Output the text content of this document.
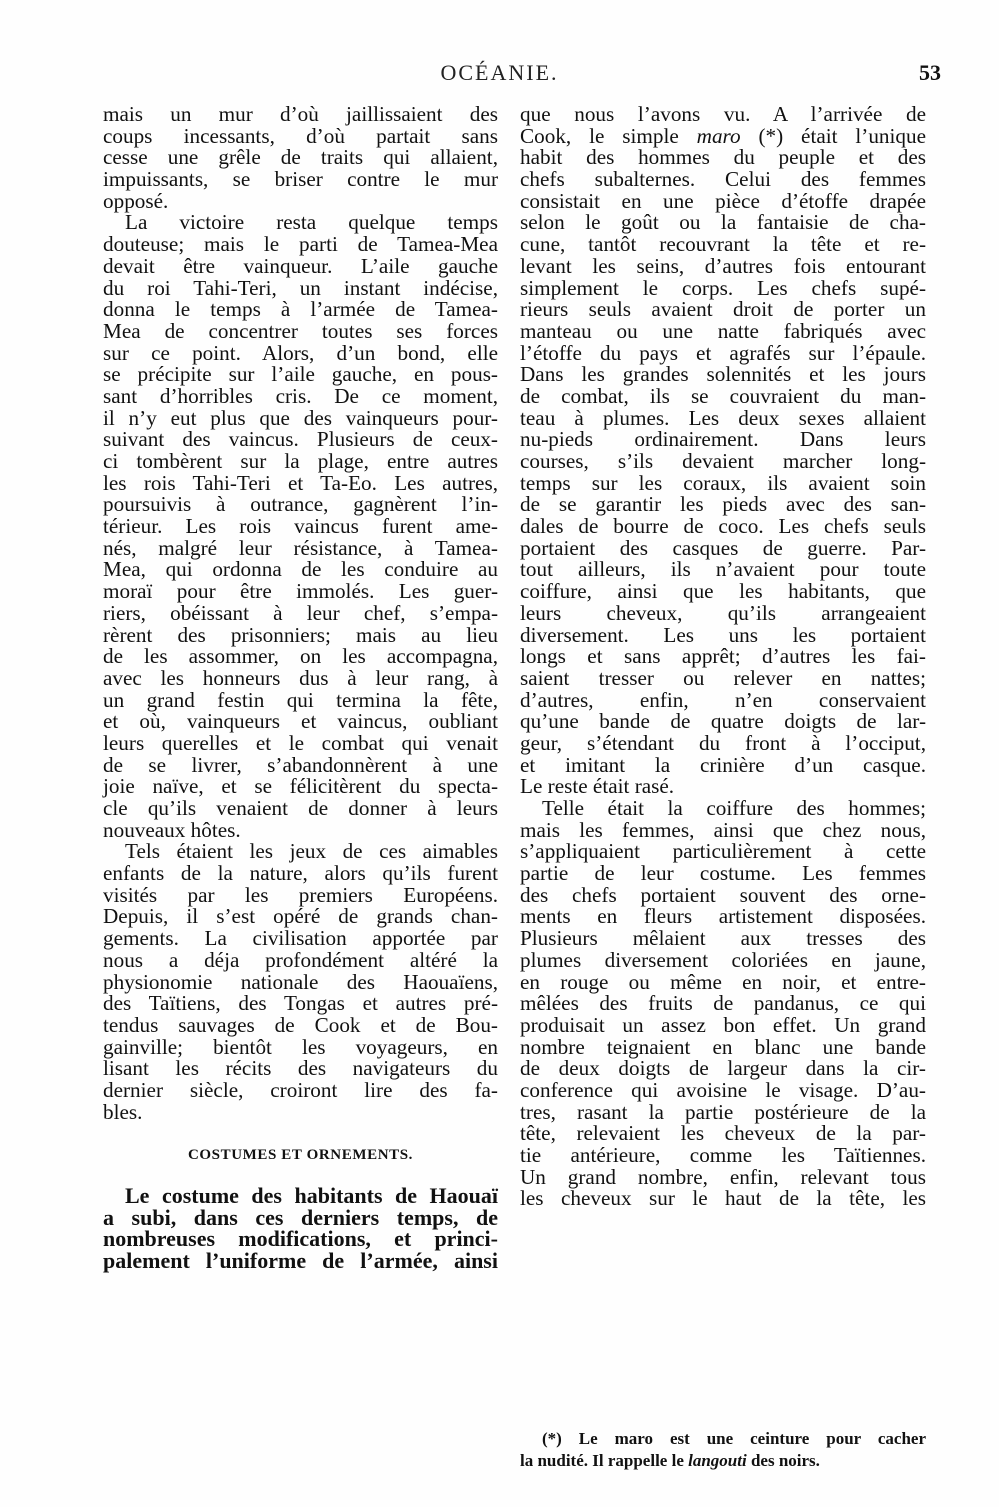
OCÉANIE.	53
mais un mur d’où jaillissaient des
coups incessants, d’où partait sans
cesse une grêle de traits qui allaient,
impuissants, se briser contre le mur
opposé.
La victoire resta quelque temps
douteuse; mais le parti de Tamea-Mea
devait être vainqueur. L’aile gauche
du roi Tahi-Teri, un instant indécise,
donna le temps à l’armée de Tamea-
Mea de concentrer toutes ses forces
sur ce point. Alors, d’un bond, elle
se précipite sur l’aile gauche, en pous-
sant d’horribles cris. De ce moment,
il n’y eut plus que des vainqueurs pour-
suivant des vaincus. Plusieurs de ceux-
ci tombèrent sur la plage, entre autres
les rois Tahi-Teri et Ta-Eo. Les autres,
poursuivis à outrance, gagnèrent l’in-
térieur. Les rois vaincus furent ame-
nés, malgré leur résistance, à Tamea-
Mea, qui ordonna de les conduire au
moraï pour être immolés. Les guer-
riers, obéissant à leur chef, s’empa-
rèrent des prisonniers; mais au lieu
de les assommer, on les accompagna,
avec les honneurs dus à leur rang, à
un grand festin qui termina la fête,
et où, vainqueurs et vaincus, oubliant
leurs querelles et le combat qui venait
de se livrer, s’abandonnèrent à une
joie naïve, et se félicitèrent du specta-
cle qu’ils venaient de donner à leurs
nouveaux hôtes.
Tels étaient les jeux de ces aimables
enfants de la nature, alors qu’ils furent
visités par les premiers Européens.
Depuis, il s’est opéré de grands chan-
gements. La civilisation apportée par
nous a déja profondément altéré la
physionomie nationale des Haouaïens,
des Taïtiens, des Tongas et autres pré-
tendus sauvages de Cook et de Bou-
gainville; bientôt les voyageurs, en
lisant les récits des navigateurs du
dernier siècle, croiront lire des fa-
bles.
COSTUMES ET ORNEMENTS.
Le costume des habitants de Haouaï
a subi, dans ces derniers temps, de
nombreuses modifications, et princi-
palement l’uniforme de l’armée, ainsi
que nous l’avons vu. A l’arrivée de
Cook, le simple maro (*) était l’unique
habit des hommes du peuple et des
chefs subalternes. Celui des femmes
consistait en une pièce d’étoffe drapée
selon le goût ou la fantaisie de cha-
cune, tantôt recouvrant la tête et re-
levant les seins, d’autres fois entourant
simplement le corps. Les chefs supé-
rieurs seuls avaient droit de porter un
manteau ou une natte fabriqués avec
l’étoffe du pays et agrafés sur l’épaule.
Dans les grandes solennités et les jours
de combat, ils se couvraient du man-
teau à plumes. Les deux sexes allaient
nu-pieds ordinairement. Dans leurs
courses, s’ils devaient marcher long-
temps sur les coraux, ils avaient soin
de se garantir les pieds avec des san-
dales de bourre de coco. Les chefs seuls
portaient des casques de guerre. Par-
tout ailleurs, ils n’avaient pour toute
coiffure, ainsi que les habitants, que
leurs cheveux, qu’ils arrangeaient
diversement. Les uns les portaient
longs et sans apprêt; d’autres les fai-
saient tresser ou relever en nattes;
d’autres, enfin, n’en conservaient
qu’une bande de quatre doigts de lar-
geur, s’étendant du front à l’occiput,
et imitant la crinière d’un casque.
Le reste était rasé.
Telle était la coiffure des hommes;
mais les femmes, ainsi que chez nous,
s’appliquaient particulièrement à cette
partie de leur costume. Les femmes
des chefs portaient souvent des orne-
ments en fleurs artistement disposées.
Plusieurs mêlaient aux tresses des
plumes diversement coloriées en jaune,
en rouge ou même en noir, et entre-
mêlées des fruits de pandanus, ce qui
produisait un assez bon effet. Un grand
nombre teignaient en blanc une bande
de deux doigts de largeur dans la cir-
conference qui avoisine le visage. D’au-
tres, rasant la partie postérieure de la
tête, relevaient les cheveux de la par-
tie antérieure, comme les Taïtiennes.
Un grand nombre, enfin, relevant tous
les cheveux sur le haut de la tête, les
(*) Le maro est une ceinture pour cacher
la nudité. Il rappelle le langouti des noirs.
